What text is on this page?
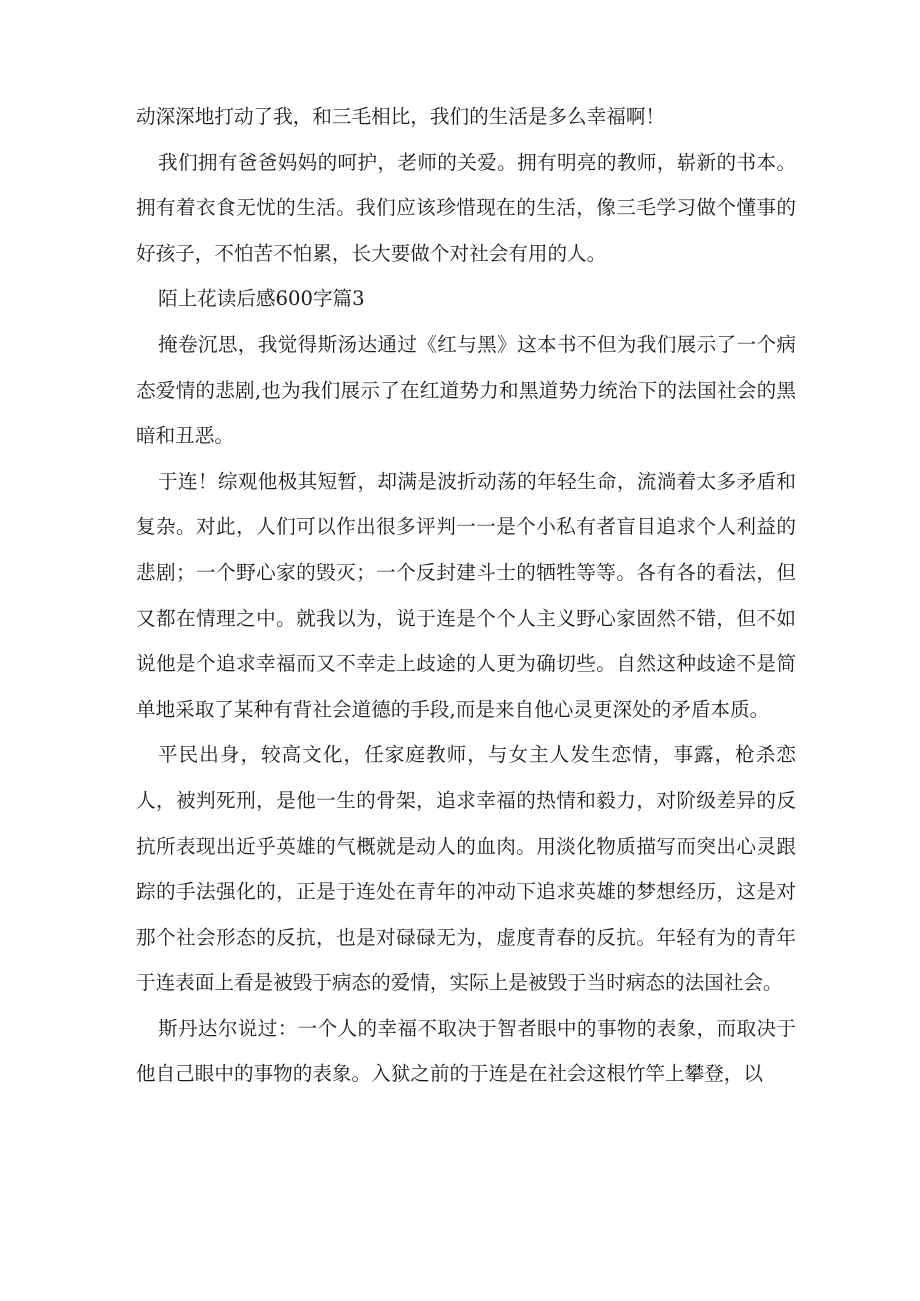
动深深地打动了我，和三毛相比，我们的生活是多么幸福啊！

我们拥有爸爸妈妈的呵护，老师的关爱。拥有明亮的教师，崭新的书本。拥有着衣食无忧的生活。我们应该珍惜现在的生活，像三毛学习做个懂事的好孩子，不怕苦不怕累，长大要做个对社会有用的人。

陌上花读后感600字篇3

掩卷沉思，我觉得斯汤达通过《红与黑》这本书不但为我们展示了一个病态爱情的悲剧,也为我们展示了在红道势力和黑道势力统治下的法国社会的黑暗和丑恶。

于连！综观他极其短暂，却满是波折动荡的年轻生命，流淌着太多矛盾和复杂。对此，人们可以作出很多评判一一是个小私有者盲目追求个人利益的悲剧；一个野心家的毁灭；一个反封建斗士的牺牲等等。各有各的看法，但又都在情理之中。就我以为，说于连是个个人主义野心家固然不错，但不如说他是个追求幸福而又不幸走上歧途的人更为确切些。自然这种歧途不是简单地采取了某种有背社会道德的手段,而是来自他心灵更深处的矛盾本质。

平民出身，较高文化，任家庭教师，与女主人发生恋情，事露，枪杀恋人，被判死刑，是他一生的骨架，追求幸福的热情和毅力，对阶级差异的反抗所表现出近乎英雄的气概就是动人的血肉。用淡化物质描写而突出心灵跟踪的手法强化的，正是于连处在青年的冲动下追求英雄的梦想经历，这是对那个社会形态的反抗，也是对碌碌无为，虚度青春的反抗。年轻有为的青年于连表面上看是被毁于病态的爱情，实际上是被毁于当时病态的法国社会。

斯丹达尔说过：一个人的幸福不取决于智者眼中的事物的表象，而取决于他自己眼中的事物的表象。入狱之前的于连是在社会这根竹竿上攀登，以
